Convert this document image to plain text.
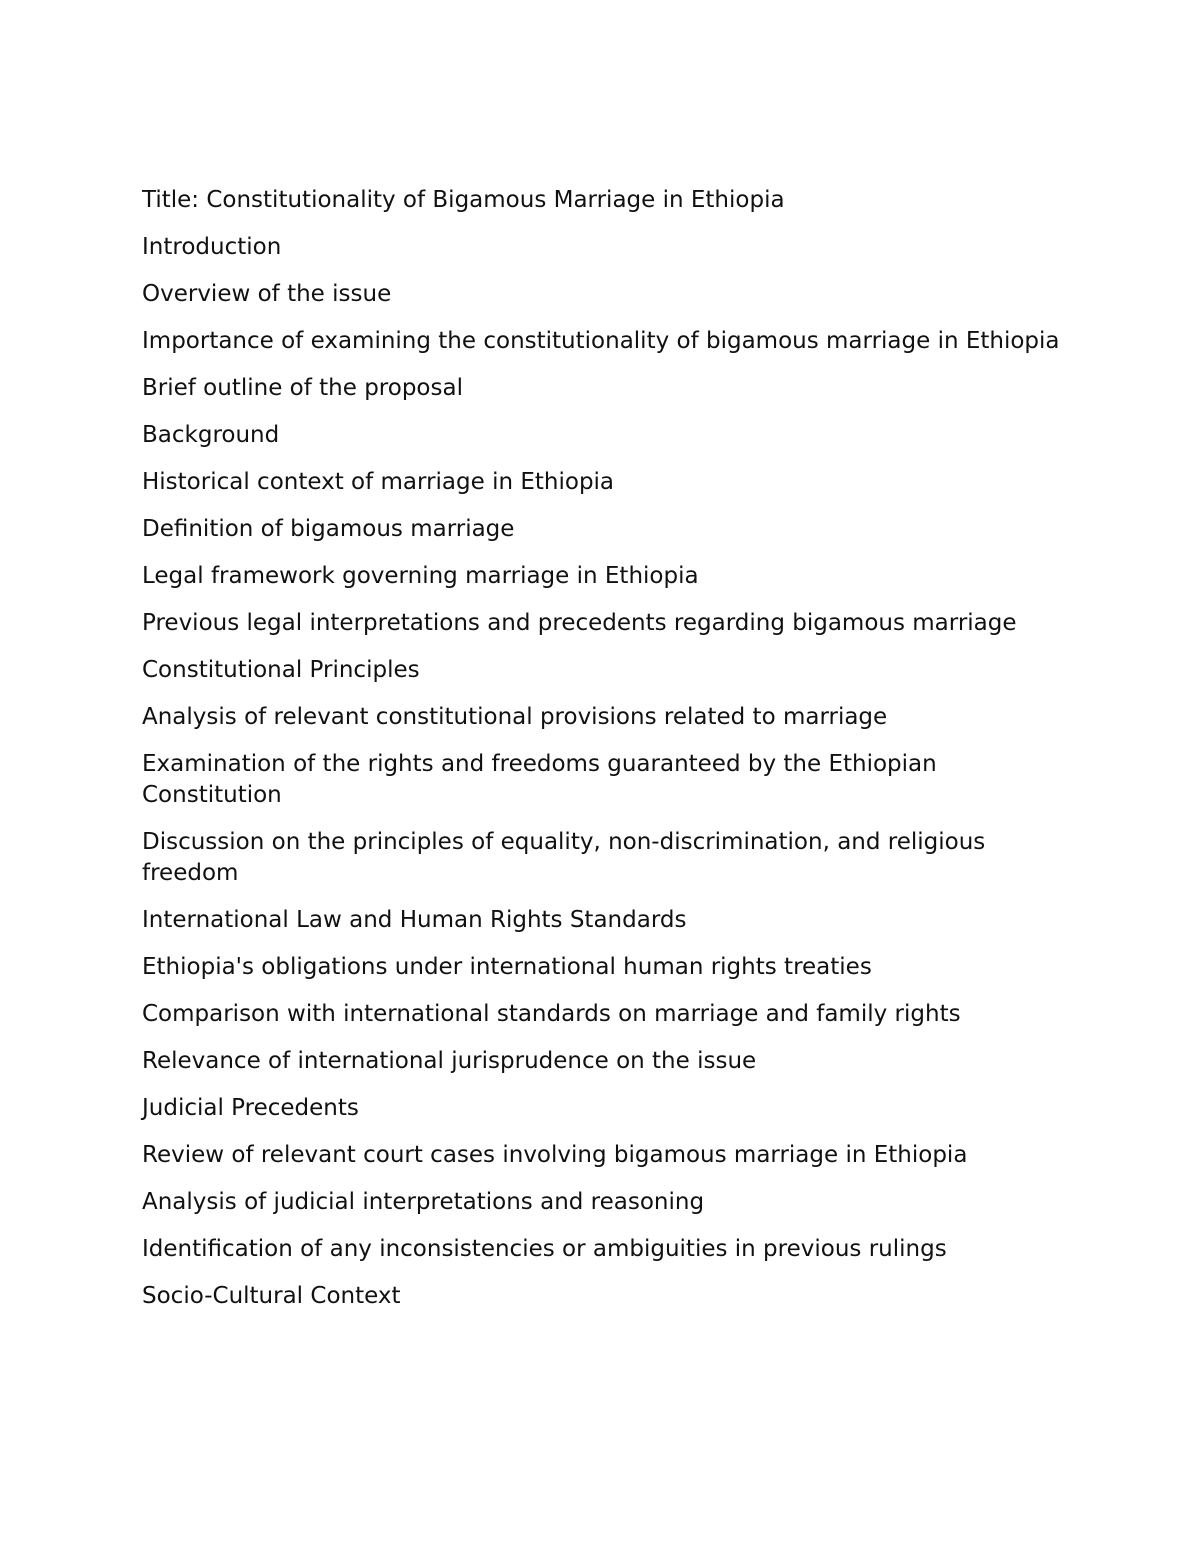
Title: Constitutionality of Bigamous Marriage in Ethiopia

Introduction

Overview of the issue

Importance of examining the constitutionality of bigamous marriage in Ethiopia

Brief outline of the proposal

Background

Historical context of marriage in Ethiopia

Definition of bigamous marriage

Legal framework governing marriage in Ethiopia

Previous legal interpretations and precedents regarding bigamous marriage

Constitutional Principles

Analysis of relevant constitutional provisions related to marriage

Examination of the rights and freedoms guaranteed by the Ethiopian Constitution

Discussion on the principles of equality, non-discrimination, and religious freedom

International Law and Human Rights Standards

Ethiopia's obligations under international human rights treaties

Comparison with international standards on marriage and family rights

Relevance of international jurisprudence on the issue

Judicial Precedents

Review of relevant court cases involving bigamous marriage in Ethiopia

Analysis of judicial interpretations and reasoning

Identification of any inconsistencies or ambiguities in previous rulings

Socio-Cultural Context
